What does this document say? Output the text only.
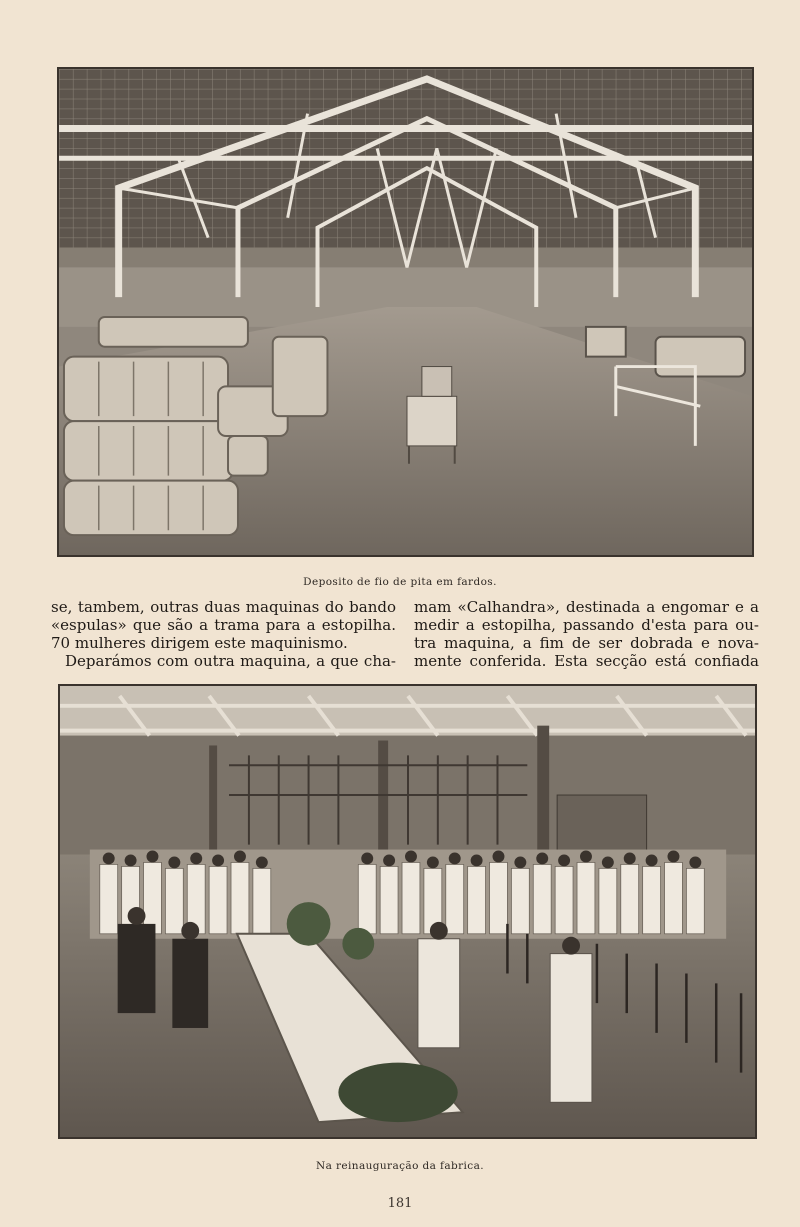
Deposito de fio de pita em fardos.
se, tambem, outras duas maquinas do bando
«espulas» que são a trama para a estopilha.
70 mulheres dirigem este maquinismo.
Deparámos com outra maquina, a que cha-
mam «Calhandra», destinada a engomar e a
medir a estopilha, passando d'esta para ou-
tra maquina, a fim de ser dobrada e nova-
mente conferida. Esta secção está confiada
Na reinauguração da fabrica.
181
